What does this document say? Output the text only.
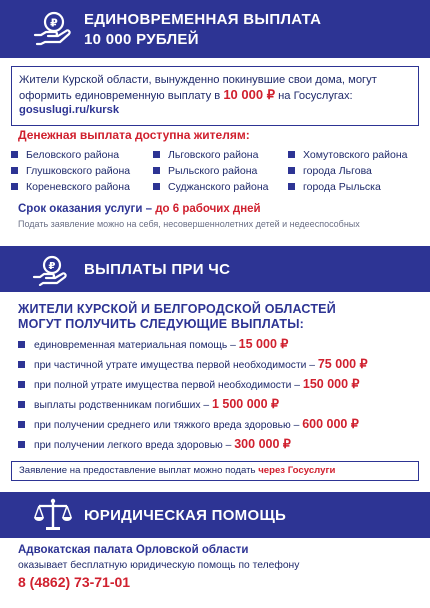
₽ ЕДИНОВРЕМЕННАЯ ВЫПЛАТА
10 000 РУБЛЕЙ
Жители Курской области, вынужденно покинувшие свои дома, могут оформить единовременную выплату в 10 000 ₽ на Госуслугах:
gosuslugi.ru/kursk
Денежная выплата доступна жителям:
Беловского района	Льговского района	Хомутовского района
Глушковского района	Рыльского района	города Льгова
Кореневского района	Суджанского района	города Рыльска
Срок оказания услуги – до 6 рабочих дней
Подать заявление можно на себя, несовершеннолетних детей и недееспособных
₽ ВЫПЛАТЫ ПРИ ЧС
ЖИТЕЛИ КУРСКОЙ И БЕЛГОРОДСКОЙ ОБЛАСТЕЙ
МОГУТ ПОЛУЧИТЬ СЛЕДУЮЩИЕ ВЫПЛАТЫ:
единовременная материальная помощь – 15 000 ₽
при частичной утрате имущества первой необходимости – 75 000 ₽
при полной утрате имущества первой необходимости – 150 000 ₽
выплаты родственникам погибших – 1 500 000 ₽
при получении среднего или тяжкого вреда здоровью – 600 000 ₽
при получении легкого вреда здоровью – 300 000 ₽
Заявление на предоставление выплат можно подать через Госуслуги
ЮРИДИЧЕСКАЯ ПОМОЩЬ
Адвокатская палата Орловской области
оказывает бесплатную юридическую помощь по телефону
8 (4862) 73-71-01
